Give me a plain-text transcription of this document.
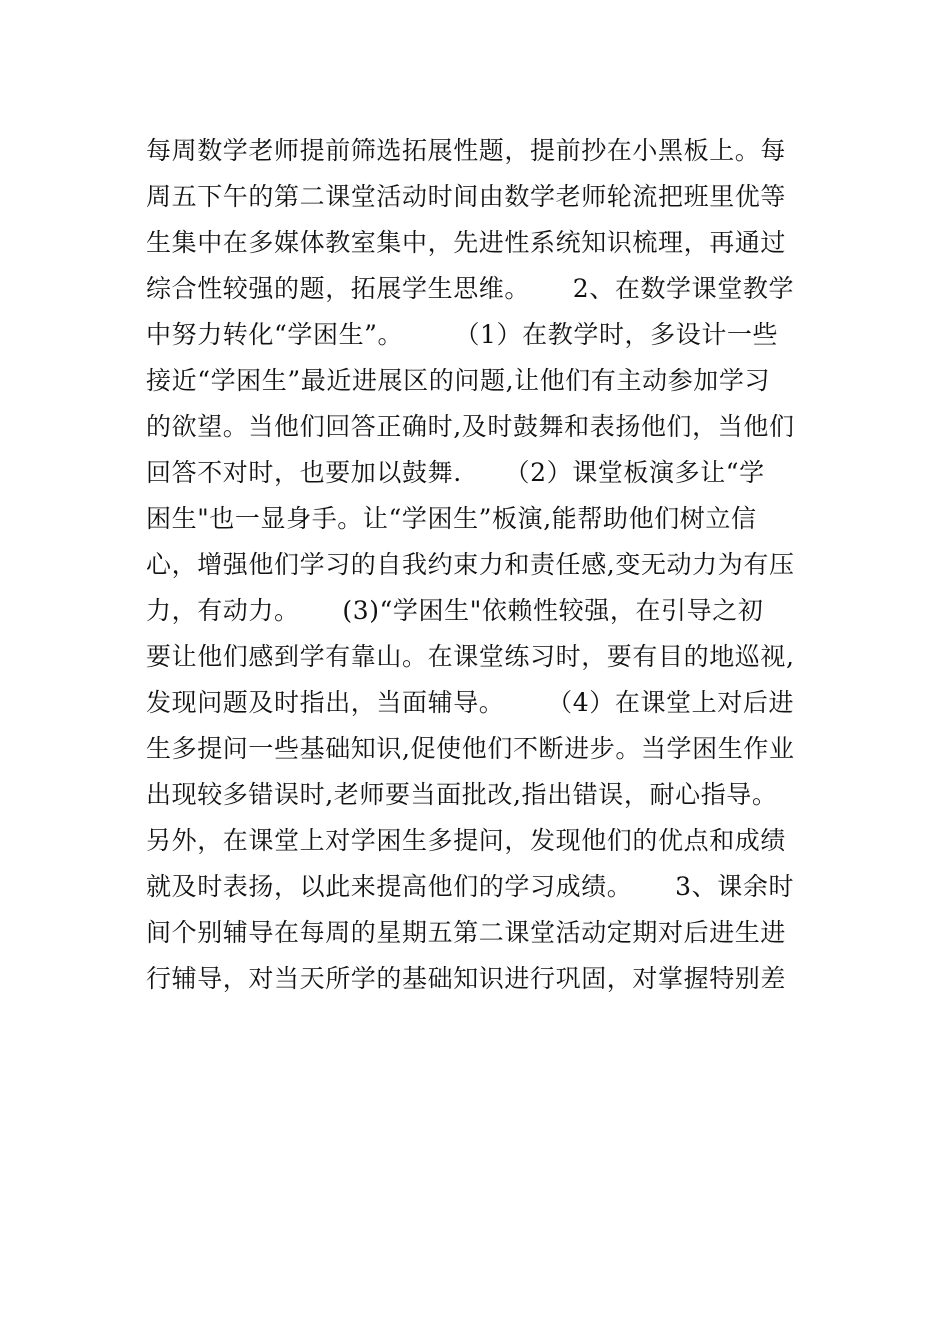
每周数学老师提前筛选拓展性题，提前抄在小黑板上。每
周五下午的第二课堂活动时间由数学老师轮流把班里优等
生集中在多媒体教室集中，先进性系统知识梳理，再通过
综合性较强的题，拓展学生思维。     2、在数学课堂教学
中努力转化“学困生”。      （1）在教学时，多设计一些
接近“学困生”最近进展区的问题,让他们有主动参加学习
的欲望。当他们回答正确时,及时鼓舞和表扬他们，当他们
回答不对时，也要加以鼓舞.     （2）课堂板演多让“学
困生"也一显身手。让“学困生”板演,能帮助他们树立信
心，增强他们学习的自我约束力和责任感,变无动力为有压
力，有动力。     (3)“学困生"依赖性较强，在引导之初
要让他们感到学有靠山。在课堂练习时，要有目的地巡视,
发现问题及时指出，当面辅导。     （4）在课堂上对后进
生多提问一些基础知识,促使他们不断进步。当学困生作业
出现较多错误时,老师要当面批改,指出错误，耐心指导。
另外，在课堂上对学困生多提问，发现他们的优点和成绩
就及时表扬，以此来提高他们的学习成绩。     3、课余时
间个别辅导在每周的星期五第二课堂活动定期对后进生进
行辅导，对当天所学的基础知识进行巩固，对掌握特别差
